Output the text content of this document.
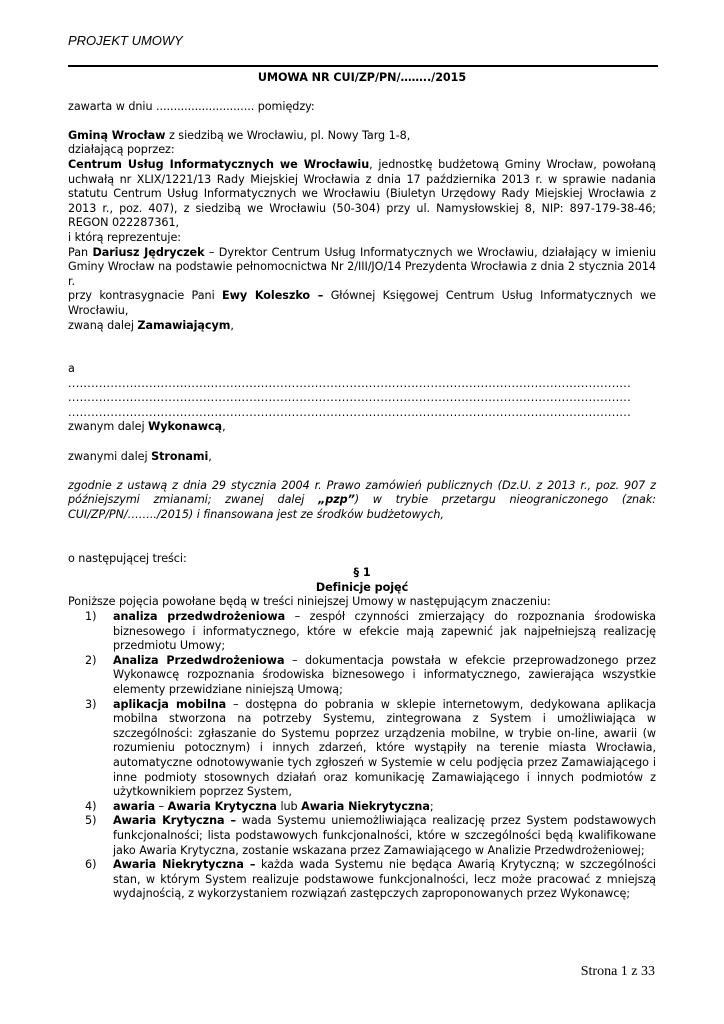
PROJEKT UMOWY
UMOWA NR CUI/ZP/PN/……../2015

zawarta w dniu ............................ pomiędzy:

Gminą Wrocław z siedzibą we Wrocławiu, pl. Nowy Targ 1-8,

działającą poprzez:

Centrum Usług Informatycznych we Wrocławiu, jednostkę budżetową Gminy Wrocław, powołaną uchwałą nr XLIX/1221/13 Rady Miejskiej Wrocławia z dnia 17 października 2013 r. w sprawie nadania statutu Centrum Usług Informatycznych we Wrocławiu (Biuletyn Urzędowy Rady Miejskiej Wrocławia z 2013 r., poz. 407), z siedzibą we Wrocławiu (50-304) przy ul. Namysłowskiej 8, NIP: 897-179-38-46; REGON 022287361,

i którą reprezentuje:

Pan Dariusz Jędryczek – Dyrektor Centrum Usług Informatycznych we Wrocławiu, działający w imieniu Gminy Wrocław na podstawie pełnomocnictwa Nr 2/III/JO/14 Prezydenta Wrocławia z dnia 2 stycznia 2014 r.

przy kontrasygnacie Pani Ewy Koleszko – Głównej Księgowej Centrum Usług Informatycznych we Wrocławiu,

zwaną dalej Zamawiającym,

a

..................................................................................................................................................

..................................................................................................................................................

..................................................................................................................................................

zwanym dalej Wykonawcą,

zwanymi dalej Stronami,

zgodnie z ustawą z dnia 29 stycznia 2004 r. Prawo zamówień publicznych (Dz.U. z 2013 r., poz. 907 z późniejszymi zmianami; zwanej dalej „pzp”) w trybie przetargu nieograniczonego (znak: CUI/ZP/PN/……../2015) i finansowana jest ze środków budżetowych,

o następującej treści:

§ 1

Definicje pojęć

Poniższe pojęcia powołane będą w treści niniejszej Umowy w następującym znaczeniu:

1) analiza przedwdrożeniowa – zespół czynności zmierzający do rozpoznania środowiska biznesowego i informatycznego, które w efekcie mają zapewnić jak najpełniejszą realizację przedmiotu Umowy;
2) Analiza Przedwdrożeniowa – dokumentacja powstała w efekcie przeprowadzonego przez Wykonawcę rozpoznania środowiska biznesowego i informatycznego, zawierająca wszystkie elementy przewidziane niniejszą Umową;
3) aplikacja mobilna – dostępna do pobrania w sklepie internetowym, dedykowana aplikacja mobilna stworzona na potrzeby Systemu, zintegrowana z System i umożliwiająca w szczególności: zgłaszanie do Systemu poprzez urządzenia mobilne, w trybie on-line, awarii (w rozumieniu potocznym) i innych zdarzeń, które wystąpiły na terenie miasta Wrocławia, automatyczne odnotowywanie tych zgłoszeń w Systemie w celu podjęcia przez Zamawiającego i inne podmioty stosownych działań oraz komunikację Zamawiającego i innych podmiotów z użytkownikiem poprzez System,
4) awaria – Awaria Krytyczna lub Awaria Niekrytyczna;
5) Awaria Krytyczna – wada Systemu uniemożliwiająca realizację przez System podstawowych funkcjonalności; lista podstawowych funkcjonalności, które w szczególności będą kwalifikowane jako Awaria Krytyczna, zostanie wskazana przez Zamawiającego w Analizie Przedwdrożeniowej;
6) Awaria Niekrytyczna – każda wada Systemu nie będąca Awarią Krytyczną; w szczególności stan, w którym System realizuje podstawowe funkcjonalności, lecz może pracować z mniejszą wydajnością, z wykorzystaniem rozwiązań zastępczych zaproponowanych przez Wykonawcę;
Strona 1 z 33
